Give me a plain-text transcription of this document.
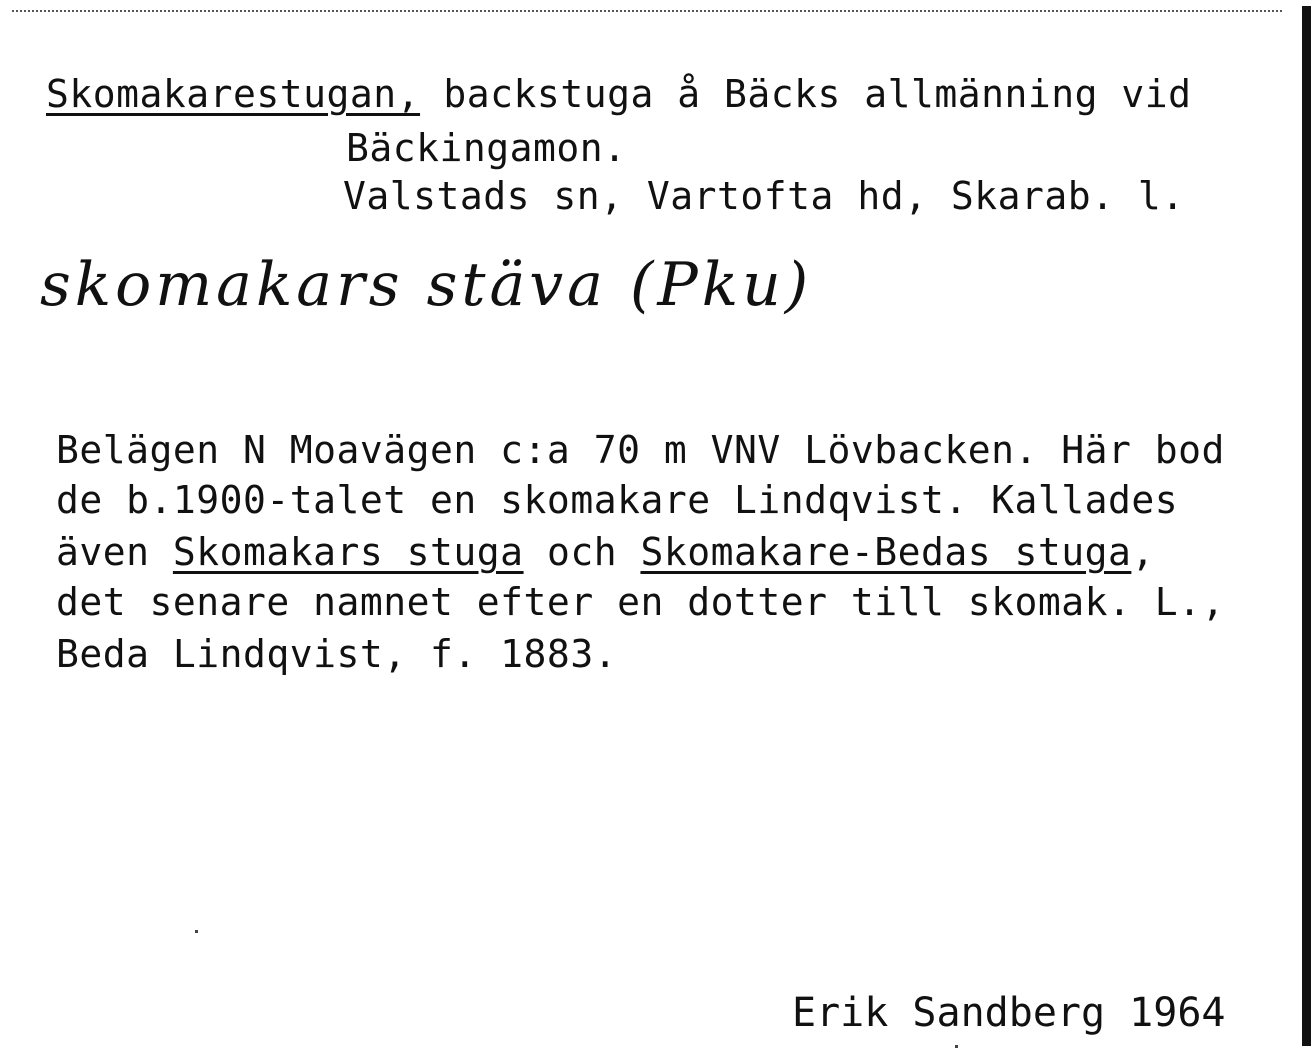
Skomakarestugan, backstuga å Bäcks allmänning vid
Bäckingamon.
Valstads sn, Vartofta hd, Skarab. l.
skomakars stäva (Pku)
Belägen N Moavägen c:a 70 m VNV Lövbacken. Här bod
de b.1900-talet en skomakare Lindqvist. Kallades
även Skomakars stuga och Skomakare-Bedas stuga,
det senare namnet efter en dotter till skomak. L.,
Beda Lindqvist, f. 1883.
Erik Sandberg 1964
